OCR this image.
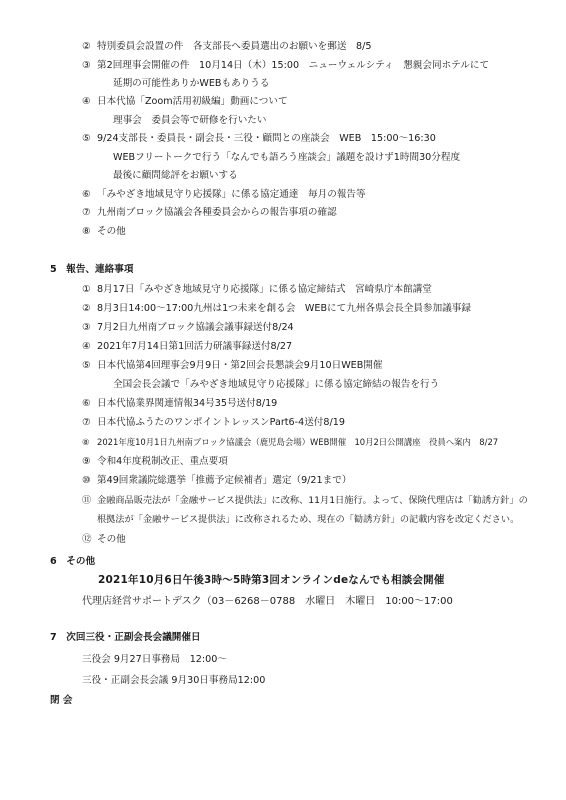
② 特別委員会設置の件　各支部長へ委員選出のお願いを郵送　8/5
③ 第2回理事会開催の件　10月14日（木）15:00　ニューウェルシティ　懇親会同ホテルにて
延期の可能性ありかWEBもありうる
④ 日本代協「Zoom活用初級編」動画について
理事会　委員会等で研修を行いたい
⑤ 9/24支部長・委員長・副会長・三役・顧問との座談会　WEB　15:00～16:30
WEBフリートークで行う「なんでも語ろう座談会」議題を設けず1時間30分程度
最後に顧問総評をお願いする
⑥ 「みやざき地域見守り応援隊」に係る協定通達　毎月の報告等
⑦ 九州南ブロック協議会各種委員会からの報告事項の確認
⑧ その他
5　報告、連絡事項
① 8月17日「みやざき地域見守り応援隊」に係る協定締結式　宮崎県庁本館講堂
② 8月3日14:00～17:00九州は1つ未来を創る会　WEBにて九州各県会長全員参加議事録
③ 7月2日九州南ブロック協議会議事録送付8/24
④ 2021年7月14日第1回活力研議事録送付8/27
⑤ 日本代協第4回理事会9月9日・第2回会長懇談会9月10日WEB開催
全国会長会議で「みやざき地域見守り応援隊」に係る協定締結の報告を行う
⑥ 日本代協業界関連情報34号35号送付8/19
⑦ 日本代協ふうたのワンポイントレッスンPart6-4送付8/19
⑧ 2021年度10月1日九州南ブロック協議会（鹿児島会場）WEB開催　10月2日公開講座　役員へ案内　8/27
⑨ 令和4年度税制改正、重点要項
⑩ 第49回衆議院総選挙「推薦予定候補者」選定（9/21まで）
⑪ 金融商品販売法が「金融サービス提供法」に改称、11月1日施行。よって、保険代理店は「勧誘方針」の
根拠法が「金融サービス提供法」に改称されるため、現在の「勧誘方針」の記載内容を改定ください。
⑫ その他
6　その他
2021年10月6日午後3時～5時第3回オンラインdeなんでも相談会開催
代理店経営サポートデスク（03－6268－0788　水曜日　木曜日　10:00～17:00
7　次回三役・正副会長会議開催日
三役会 9月27日事務局　12:00～
三役・正副会長会議 9月30日事務局12:00
閉 会
